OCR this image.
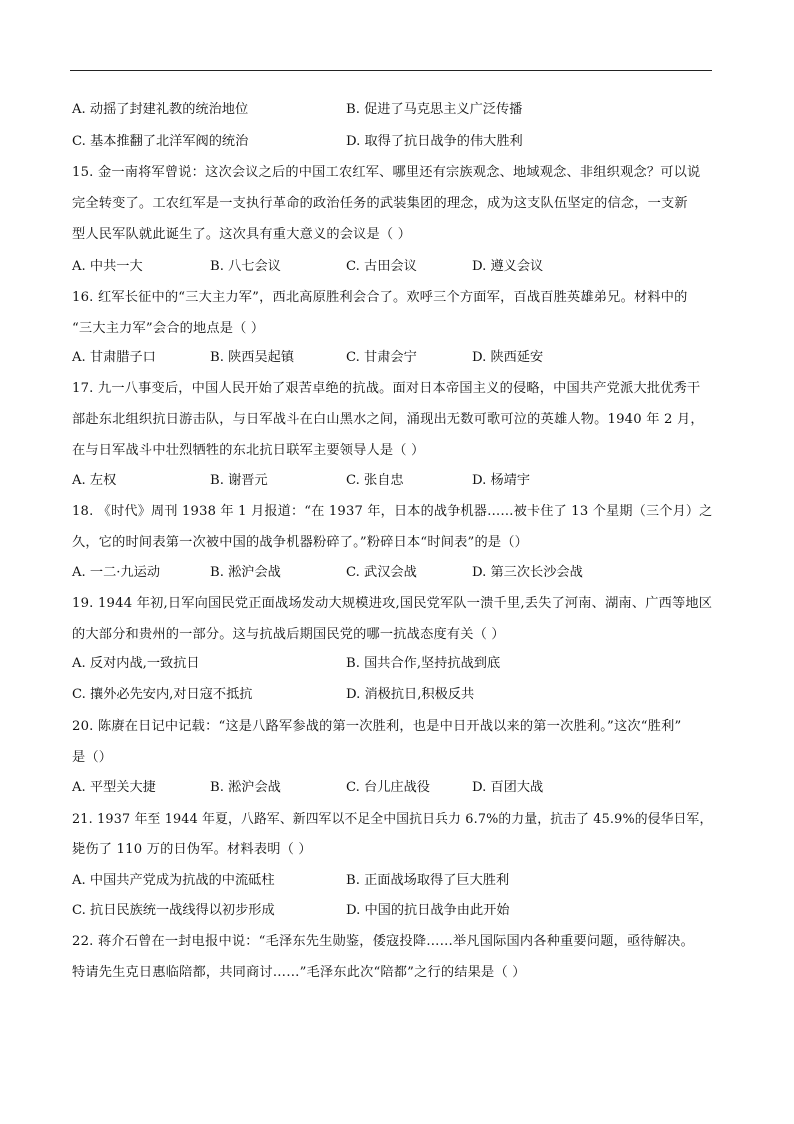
A. 动摇了封建礼教的统治地位	B. 促进了马克思主义广泛传播
C. 基本推翻了北洋军阀的统治	D. 取得了抗日战争的伟大胜利
15. 金一南将军曾说：这次会议之后的中国工农红军、哪里还有宗族观念、地域观念、非组织观念？可以说
完全转变了。工农红军是一支执行革命的政治任务的武装集团的理念，成为这支队伍坚定的信念，一支新
型人民军队就此诞生了。这次具有重大意义的会议是（ ）
A. 中共一大	B. 八七会议	C. 古田会议	D. 遵义会议
16. 红军长征中的“三大主力军”，西北高原胜利会合了。欢呼三个方面军，百战百胜英雄弟兄。材料中的
“三大主力军”会合的地点是（ ）
A. 甘肃腊子口	B. 陕西吴起镇	C. 甘肃会宁	D. 陕西延安
17. 九一八事变后，中国人民开始了艰苦卓绝的抗战。面对日本帝国主义的侵略，中国共产党派大批优秀干
部赴东北组织抗日游击队，与日军战斗在白山黑水之间，涌现出无数可歌可泣的英雄人物。1940 年 2 月，
在与日军战斗中壮烈牺牲的东北抗日联军主要领导人是（ ）
A. 左权	B. 谢晋元	C. 张自忠	D. 杨靖宇
18. 《时代》周刊 1938 年 1 月报道：“在 1937 年，日本的战争机器……被卡住了 13 个星期（三个月）之
久，它的时间表第一次被中国的战争机器粉碎了。”粉碎日本“时间表”的是（）
A. 一二·九运动	B. 淞沪会战	C. 武汉会战	D. 第三次长沙会战
19. 1944 年初,日军向国民党正面战场发动大规模进攻,国民党军队一溃千里,丢失了河南、湖南、广西等地区
的大部分和贵州的一部分。这与抗战后期国民党的哪一抗战态度有关（ ）
A. 反对内战,一致抗日	B. 国共合作,坚持抗战到底
C. 攘外必先安内,对日寇不抵抗	D. 消极抗日,积极反共
20. 陈赓在日记中记载：“这是八路军参战的第一次胜利，也是中日开战以来的第一次胜利。”这次“胜利”
是（）
A. 平型关大捷	B. 淞沪会战	C. 台儿庄战役	D. 百团大战
21. 1937 年至 1944 年夏，八路军、新四军以不足全中国抗日兵力 6.7%的力量，抗击了 45.9%的侵华日军，
毙伤了 110 万的日伪军。材料表明（ ）
A. 中国共产党成为抗战的中流砥柱	B. 正面战场取得了巨大胜利
C. 抗日民族统一战线得以初步形成	D. 中国的抗日战争由此开始
22. 蒋介石曾在一封电报中说：“毛泽东先生勋鉴，倭寇投降……举凡国际国内各种重要问题，亟待解决。
特请先生克日惠临陪都，共同商讨……”毛泽东此次“陪都”之行的结果是（ ）
